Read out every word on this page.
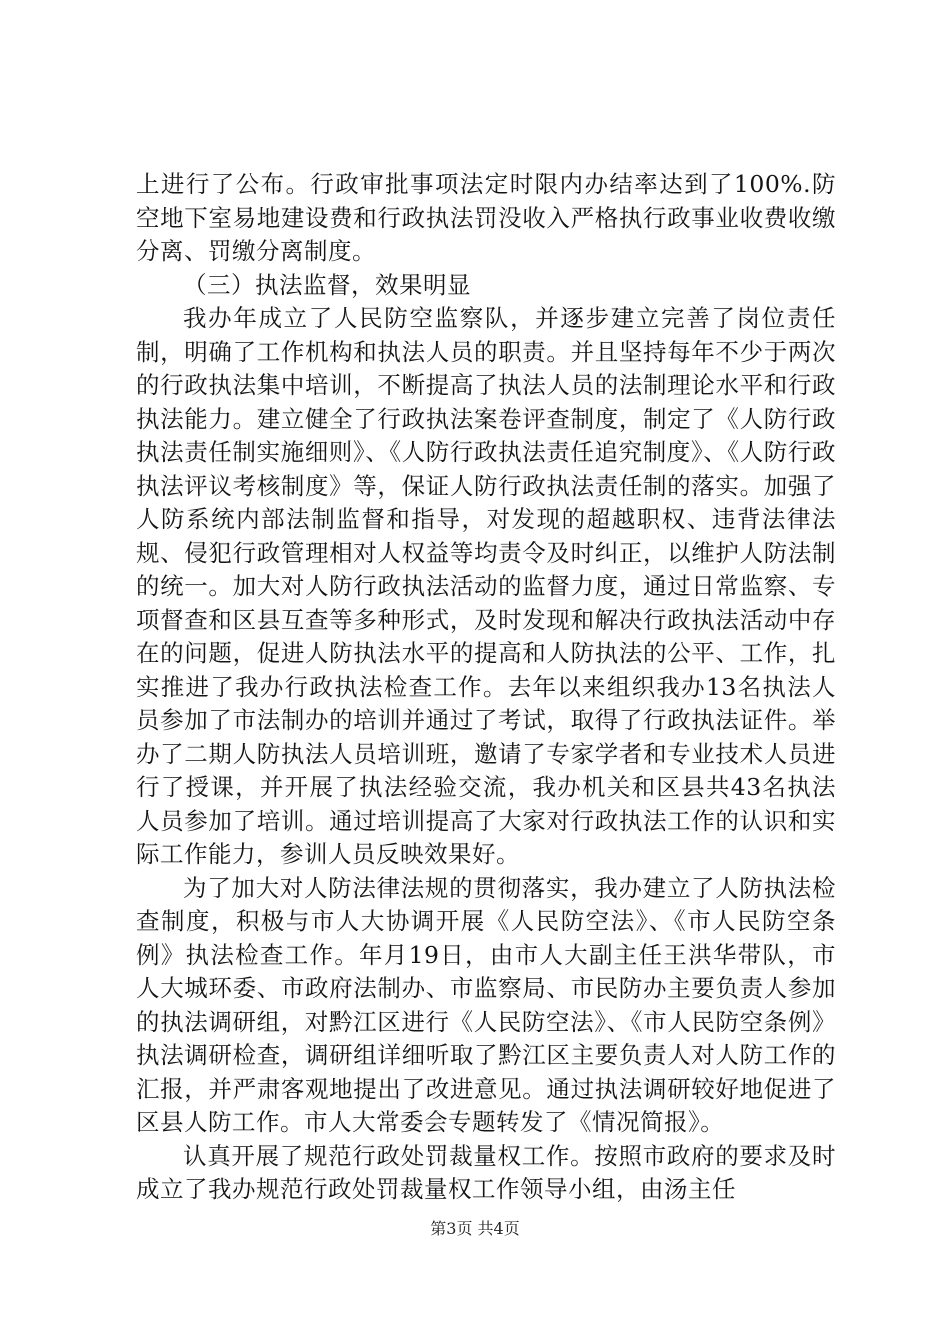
上进行了公布。行政审批事项法定时限内办结率达到了100%.防空地下室易地建设费和行政执法罚没收入严格执行政事业收费收缴分离、罚缴分离制度。

（三）执法监督，效果明显

我办年成立了人民防空监察队，并逐步建立完善了岗位责任制，明确了工作机构和执法人员的职责。并且坚持每年不少于两次的行政执法集中培训，不断提高了执法人员的法制理论水平和行政执法能力。建立健全了行政执法案卷评查制度，制定了《人防行政执法责任制实施细则》、《人防行政执法责任追究制度》、《人防行政执法评议考核制度》等，保证人防行政执法责任制的落实。加强了人防系统内部法制监督和指导，对发现的超越职权、违背法律法规、侵犯行政管理相对人权益等均责令及时纠正，以维护人防法制的统一。加大对人防行政执法活动的监督力度，通过日常监察、专项督查和区县互查等多种形式，及时发现和解决行政执法活动中存在的问题，促进人防执法水平的提高和人防执法的公平、工作，扎实推进了我办行政执法检查工作。去年以来组织我办13名执法人员参加了市法制办的培训并通过了考试，取得了行政执法证件。举办了二期人防执法人员培训班，邀请了专家学者和专业技术人员进行了授课，并开展了执法经验交流，我办机关和区县共43名执法人员参加了培训。通过培训提高了大家对行政执法工作的认识和实际工作能力，参训人员反映效果好。

为了加大对人防法律法规的贯彻落实，我办建立了人防执法检查制度，积极与市人大协调开展《人民防空法》、《市人民防空条例》执法检查工作。年月19日，由市人大副主任王洪华带队，市人大城环委、市政府法制办、市监察局、市民防办主要负责人参加的执法调研组，对黔江区进行《人民防空法》、《市人民防空条例》执法调研检查，调研组详细听取了黔江区主要负责人对人防工作的汇报，并严肃客观地提出了改进意见。通过执法调研较好地促进了区县人防工作。市人大常委会专题转发了《情况简报》。

认真开展了规范行政处罚裁量权工作。按照市政府的要求及时成立了我办规范行政处罚裁量权工作领导小组，由汤主任

第3页 共4页
